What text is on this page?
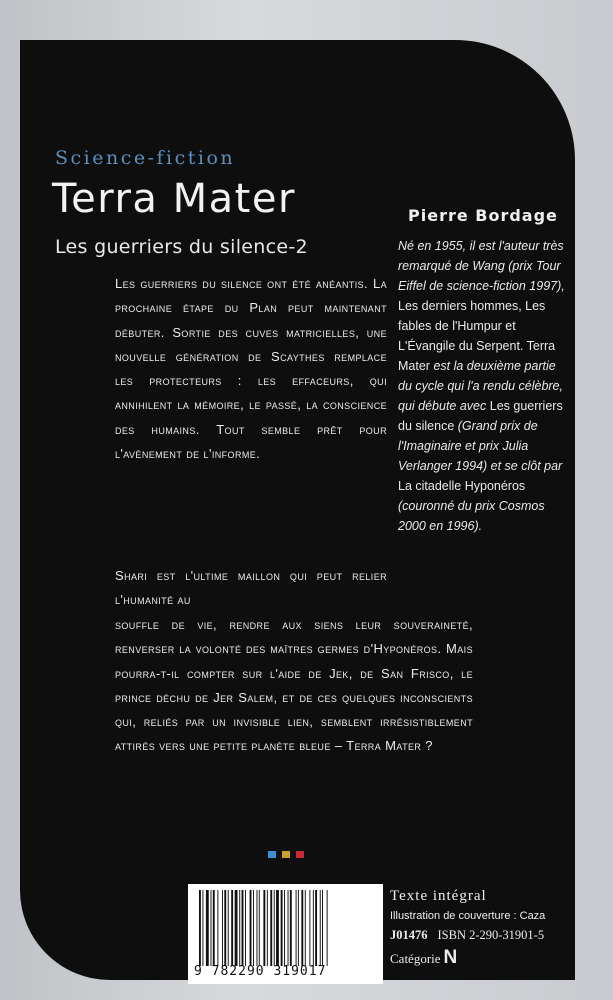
Science-fiction
Terra Mater
Les guerriers du silence-2
Pierre Bordage
Né en 1955, il est l'auteur très remarqué de Wang (prix Tour Eiffel de science-fiction 1997), Les derniers hommes, Les fables de l'Humpur et L'Évangile du Serpent. Terra Mater est la deuxième partie du cycle qui l'a rendu célèbre, qui débute avec Les guerriers du silence (Grand prix de l'Imaginaire et prix Julia Verlanger 1994) et se clôt par La citadelle Hyponéros (couronné du prix Cosmos 2000 en 1996).
Les guerriers du silence ont été anéantis. La prochaine étape du Plan peut maintenant débuter. Sortie des cuves matricielles, une nouvelle génération de Scaythes remplace les protecteurs : les effaceurs, qui annihilent la mémoire, le passé, la conscience des humains. Tout semble prêt pour l'avènement de l'informe.
Shari est l'ultime maillon qui peut relier l'humanité au
souffle de vie, rendre aux siens leur souveraineté, renverser la volonté des maîtres germes d'Hyponéros. Mais pourra-t-il compter sur l'aide de Jek, de San Frisco, le prince déchu de Jer Salem, et de ces quelques inconscients qui, reliés par un invisible lien, semblent irrésistiblement attirés vers une petite planète bleue – Terra Mater ?
9 782290 319017
Texte intégral
Illustration de couverture : Caza
J01476 ISBN 2-290-31901-5
Catégorie N
